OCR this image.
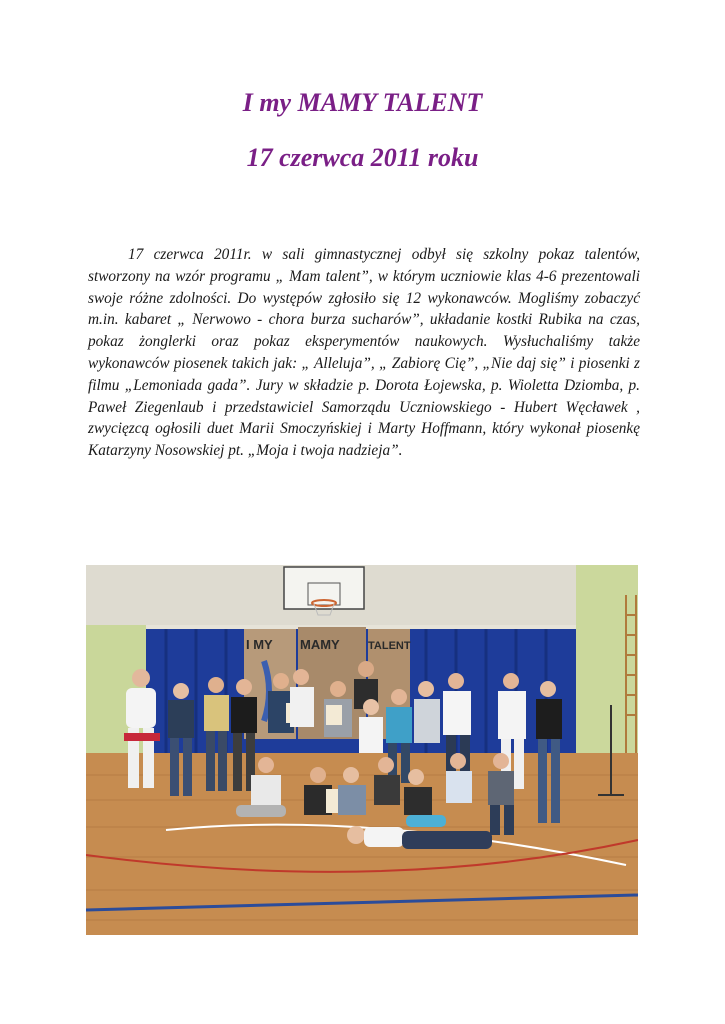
I my MAMY TALENT
17 czerwca 2011 roku

17 czerwca 2011r. w sali gimnastycznej odbył się szkolny pokaz talentów, stworzony na wzór programu „ Mam talent”, w którym uczniowie klas 4-6 prezentowali swoje różne zdolności. Do występów zgłosiło się 12 wykonawców. Mogliśmy zobaczyć m.in. kabaret „ Nerwowo - chora burza sucharów”, układanie kostki Rubika na czas, pokaz żonglerki oraz pokaz eksperymentów naukowych. Wysłuchaliśmy także wykonawców piosenek takich jak: „ Alleluja”, „ Zabiorę Cię”, „Nie daj się” i piosenki z filmu „Lemoniada gada”. Jury w składzie p. Dorota Łojewska, p. Wioletta Dziomba, p. Paweł Ziegenlaub i przedstawiciel Samorządu Uczniowskiego - Hubert Węcławek , zwycięzcą ogłosili duet Marii Smoczyńskiej i Marty Hoffmann, który wykonał piosenkę Katarzyny Nosowskiej pt. „Moja i twoja nadzieja”.

I MY MAMY	TALENT
